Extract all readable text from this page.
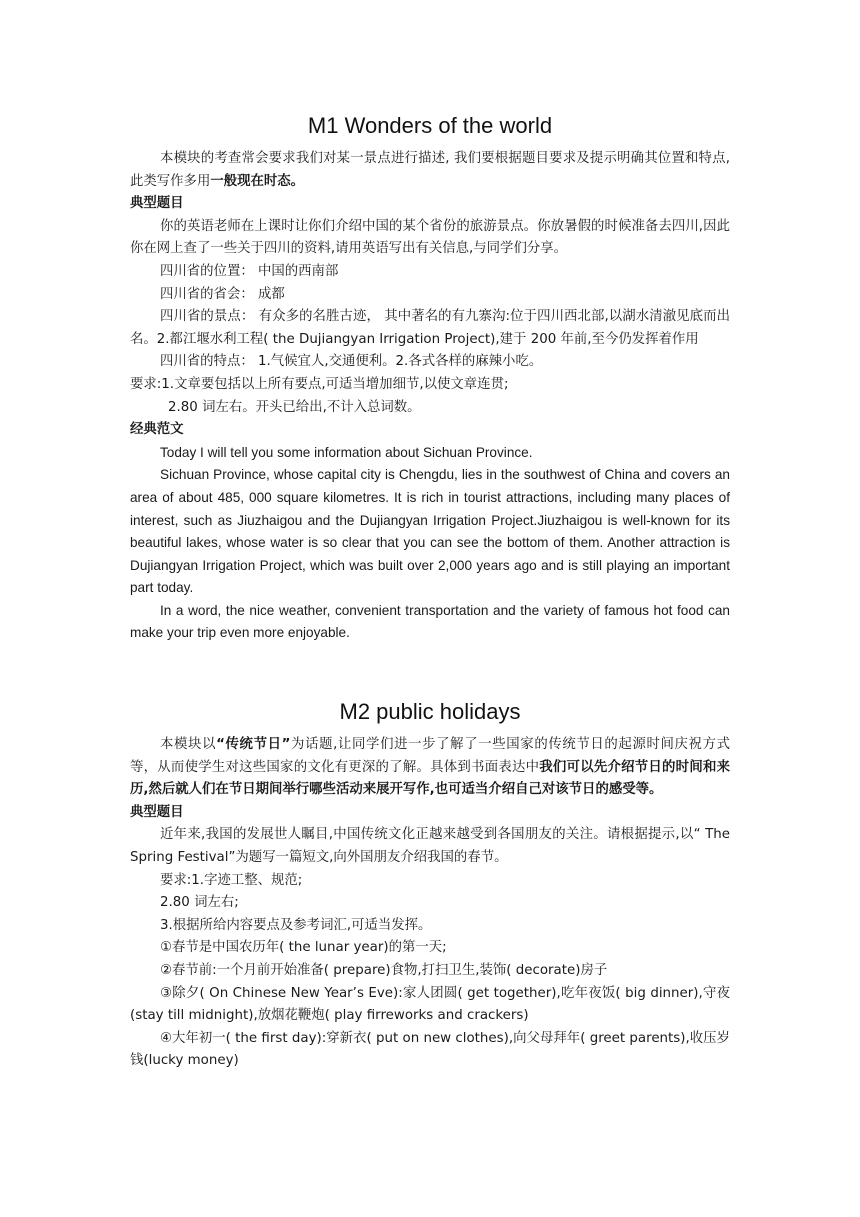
M1 Wonders of the world

本模块的考查常会要求我们对某一景点进行描述, 我们要根据题目要求及提示明确其位置和特点,此类写作多用一般现在时态。

典型题目

你的英语老师在上课时让你们介绍中国的某个省份的旅游景点。你放暑假的时候准备去四川,因此你在网上查了一些关于四川的资料,请用英语写出有关信息,与同学们分享。

四川省的位置： 中国的西南部

四川省的省会： 成都

四川省的景点： 有众多的名胜古迹， 其中著名的有九寨沟:位于四川西北部,以湖水清澈见底而出名。2.都江堰水利工程( the Dujiangyan Irrigation Project),建于 200 年前,至今仍发挥着作用

四川省的特点： 1.气候宜人,交通便利。2.各式各样的麻辣小吃。

要求:1.文章要包括以上所有要点,可适当增加细节,以使文章连贯;

2.80 词左右。开头已给出,不计入总词数。

经典范文

Today I will tell you some information about Sichuan Province.

Sichuan Province, whose capital city is Chengdu, lies in the southwest of China and covers an area of about 485, 000 square kilometres. It is rich in tourist attractions, including many places of interest, such as Jiuzhaigou and the Dujiangyan Irrigation Project.Jiuzhaigou is well-known for its beautiful lakes, whose water is so clear that you can see the bottom of them. Another attraction is Dujiangyan Irrigation Project, which was built over 2,000 years ago and is still playing an important part today.

In a word, the nice weather, convenient transportation and the variety of famous hot food can make your trip even more enjoyable.

M2 public holidays

本模块以“传统节日”为话题,让同学们进一步了解了一些国家的传统节日的起源时间庆祝方式等，从而使学生对这些国家的文化有更深的了解。具体到书面表达中我们可以先介绍节日的时间和来历,然后就人们在节日期间举行哪些活动来展开写作,也可适当介绍自己对该节日的感受等。

典型题目

近年来,我国的发展世人瞩目,中国传统文化正越来越受到各国朋友的关注。请根据提示,以“ The Spring Festival”为题写一篇短文,向外国朋友介绍我国的春节。

要求:1.字迹工整、规范;

2.80 词左右;

3.根据所给内容要点及参考词汇,可适当发挥。

①春节是中国农历年( the lunar year)的第一天;

②春节前:一个月前开始准备( prepare)食物,打扫卫生,装饰( decorate)房子

③除夕( On Chinese New Year’s Eve):家人团圆( get together),吃年夜饭( big dinner),守夜(stay till midnight),放烟花鞭炮( play firreworks and crackers)

④大年初一( the first day):穿新衣( put on new clothes),向父母拜年( greet parents),收压岁钱(lucky money)
